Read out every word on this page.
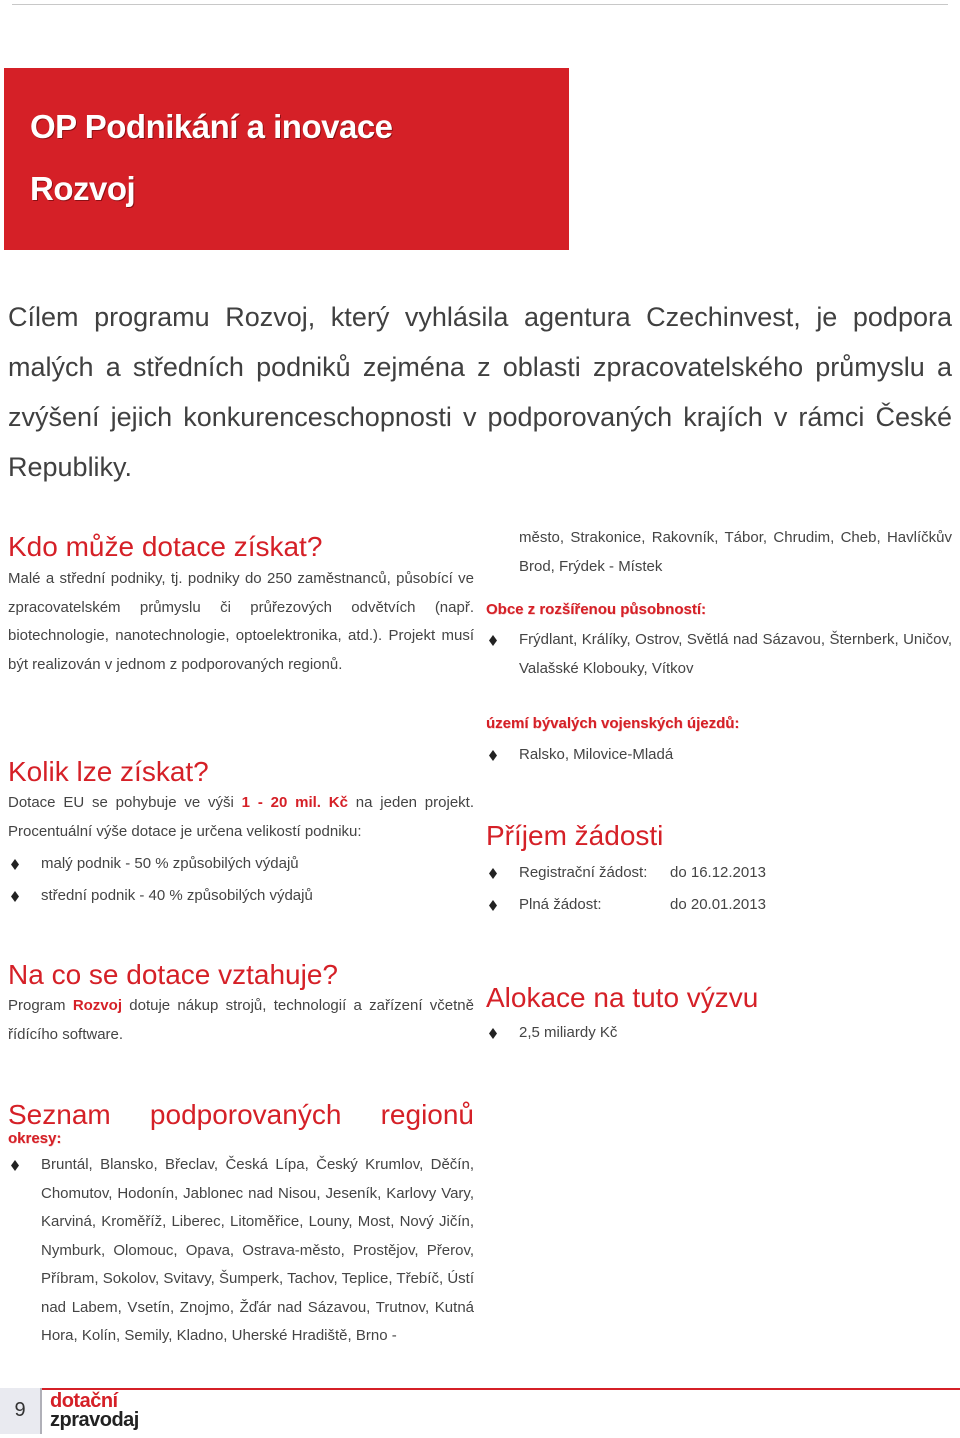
OP Podnikání a inovace
Rozvoj
Cílem programu Rozvoj, který vyhlásila agentura Czechinvest, je podpora malých a středních podniků zejména z oblasti zpracovatelského průmyslu a zvýšení jejich konkurenceschopnosti v podporovaných krajích v rámci České Republiky.
Kdo může dotace získat?
Malé a střední podniky, tj. podniky do 250 zaměstnanců, působící ve zpracovatelském průmyslu či průřezových odvětvích (např. biotechnologie, nanotechnologie, optoelektronika, atd.). Projekt musí být realizován v jednom z podporovaných regionů.
Kolik lze získat?
Dotace EU se pohybuje ve výši 1 - 20 mil. Kč na jeden projekt. Procentuální výše dotace je určena velikostí podniku:
malý podnik - 50 % způsobilých výdajů
střední podnik - 40 % způsobilých výdajů
Na co se dotace vztahuje?
Program Rozvoj dotuje nákup strojů, technologií a zařízení včetně řídícího software.
Seznam podporovaných regionů
okresy:
Bruntál, Blansko, Břeclav, Česká Lípa, Český Krumlov, Děčín, Chomutov, Hodonín, Jablonec nad Nisou, Jeseník, Karlovy Vary, Karviná, Kroměříž, Liberec, Litoměřice, Louny, Most, Nový Jičín, Nymburk, Olomouc, Opava, Ostrava-město, Prostějov, Přerov, Příbram, Sokolov, Svitavy, Šumperk, Tachov, Teplice, Třebíč, Ústí nad Labem, Vsetín, Znojmo, Žďár nad Sázavou, Trutnov, Kutná Hora, Kolín, Semily, Kladno, Uherské Hradiště, Brno -
město, Strakonice, Rakovník, Tábor, Chrudim, Cheb, Havlíčkův Brod, Frýdek - Místek
Obce z rozšířenou působností:
Frýdlant, Králíky, Ostrov, Světlá nad Sázavou, Šternberk, Uničov, Valašské Klobouky, Vítkov
území bývalých vojenských újezdů:
Ralsko, Milovice-Mladá
Příjem žádosti
Registrační žádost:	do 16.12.2013
Plná žádost:	do 20.01.2013
Alokace na tuto výzvu
2,5 miliardy Kč
9	dotační
zpravodaj
